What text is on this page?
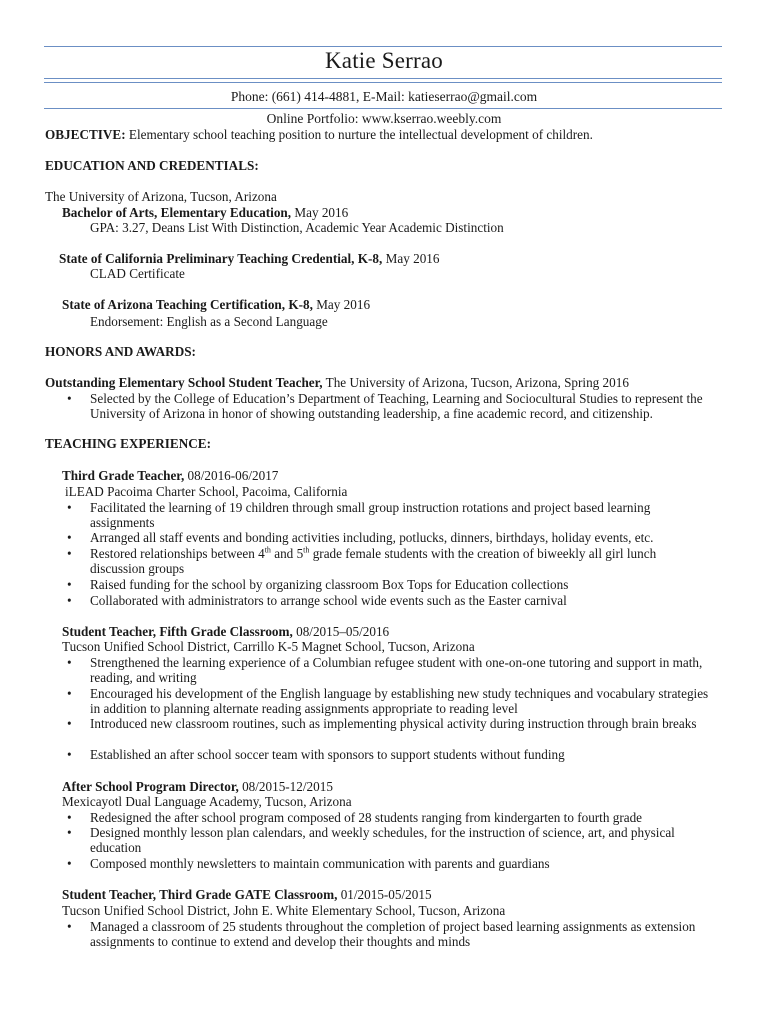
Katie Serrao
Phone: (661) 414-4881, E-Mail: katieserrao@gmail.com
Online Portfolio: www.kserrao.weebly.com
OBJECTIVE: Elementary school teaching position to nurture the intellectual development of children.
EDUCATION AND CREDENTIALS:
The University of Arizona, Tucson, Arizona
Bachelor of Arts, Elementary Education, May 2016
GPA: 3.27, Deans List With Distinction, Academic Year Academic Distinction
State of California Preliminary Teaching Credential, K-8, May 2016
CLAD Certificate
State of Arizona Teaching Certification, K-8, May 2016
Endorsement: English as a Second Language
HONORS AND AWARDS:
Outstanding Elementary School Student Teacher, The University of Arizona, Tucson, Arizona, Spring 2016
• Selected by the College of Education’s Department of Teaching, Learning and Sociocultural Studies to represent the University of Arizona in honor of showing outstanding leadership, a fine academic record, and citizenship.
TEACHING EXPERIENCE:
Third Grade Teacher, 08/2016-06/2017
iLEAD Pacoima Charter School, Pacoima, California
• Facilitated the learning of 19 children through small group instruction rotations and project based learning assignments
• Arranged all staff events and bonding activities including, potlucks, dinners, birthdays, holiday events, etc.
• Restored relationships between 4th and 5th grade female students with the creation of biweekly all girl lunch discussion groups
• Raised funding for the school by organizing classroom Box Tops for Education collections
• Collaborated with administrators to arrange school wide events such as the Easter carnival
Student Teacher, Fifth Grade Classroom, 08/2015–05/2016
Tucson Unified School District, Carrillo K-5 Magnet School, Tucson, Arizona
• Strengthened the learning experience of a Columbian refugee student with one-on-one tutoring and support in math, reading, and writing
• Encouraged his development of the English language by establishing new study techniques and vocabulary strategies in addition to planning alternate reading assignments appropriate to reading level
• Introduced new classroom routines, such as implementing physical activity during instruction through brain breaks
• Established an after school soccer team with sponsors to support students without funding
After School Program Director, 08/2015-12/2015
Mexicayotl Dual Language Academy, Tucson, Arizona
• Redesigned the after school program composed of 28 students ranging from kindergarten to fourth grade
• Designed monthly lesson plan calendars, and weekly schedules, for the instruction of science, art, and physical education
• Composed monthly newsletters to maintain communication with parents and guardians
Student Teacher, Third Grade GATE Classroom, 01/2015-05/2015
Tucson Unified School District, John E. White Elementary School, Tucson, Arizona
• Managed a classroom of 25 students throughout the completion of project based learning assignments as extension assignments to continue to extend and develop their thoughts and minds
